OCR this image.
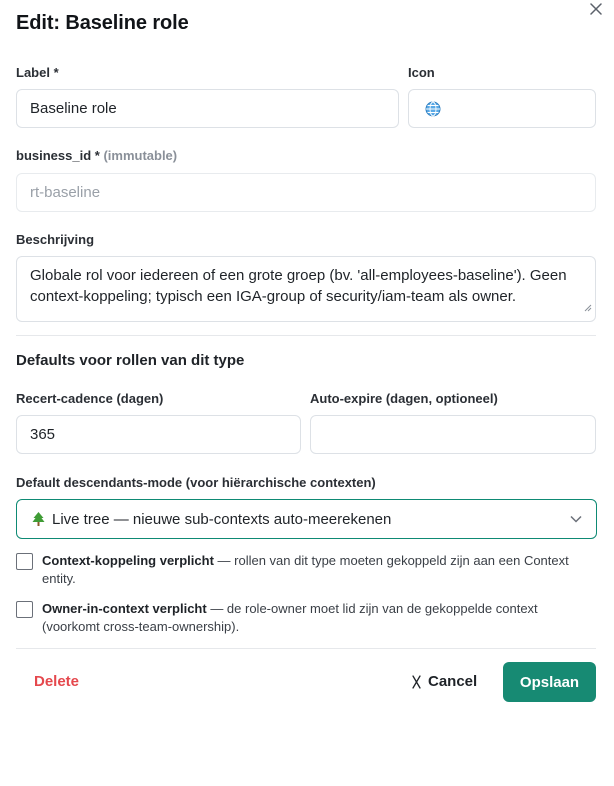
Edit: Baseline role
Label *
Baseline role
Icon
business_id * (immutable)
rt-baseline
Beschrijving
Globale rol voor iedereen of een grote groep (bv. 'all-employees-baseline'). Geen context-koppeling; typisch een IGA-group of security/iam-team als owner.
Defaults voor rollen van dit type
Recert-cadence (dagen)
365
Auto-expire (dagen, optioneel)
Default descendants-mode (voor hiërarchische contexten)
Live tree — nieuwe sub-contexts auto-meerekenen
Context-koppeling verplicht — rollen van dit type moeten gekoppeld zijn aan een Context entity.
Owner-in-context verplicht — de role-owner moet lid zijn van de gekoppelde context (voorkomt cross-team-ownership).
Delete	Cancel	Opslaan
